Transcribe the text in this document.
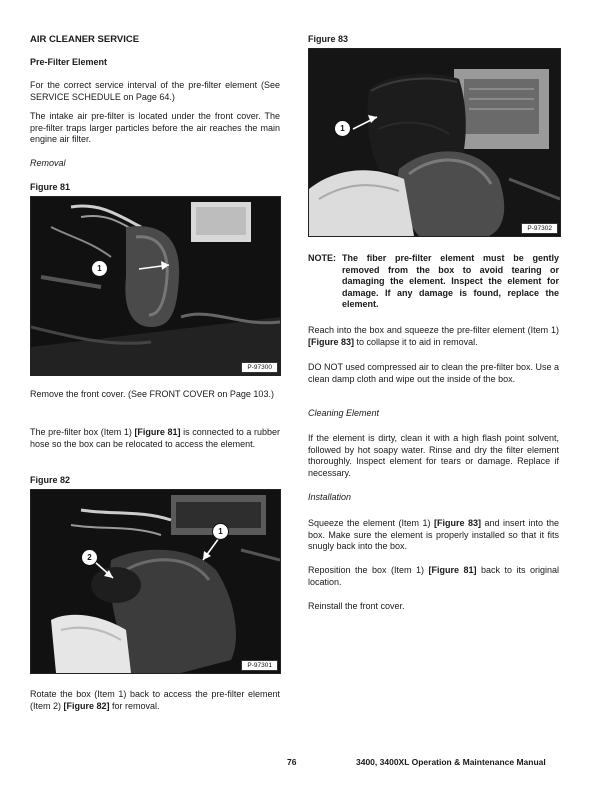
AIR CLEANER SERVICE
Pre-Filter Element

For the correct service interval of the pre-filter element (See SERVICE SCHEDULE on Page 64.)

The intake air pre-filter is located under the front cover. The pre-filter traps larger particles before the air reaches the main engine air filter.

Removal
Figure 81
1
P-97300

Remove the front cover. (See FRONT COVER on Page 103.)

The pre-filter box (Item 1) [Figure 81] is connected to a rubber hose so the box can be relocated to access the element.

Figure 82
1
2
P-97301

Rotate the box (Item 1) back to access the pre-filter element (Item 2) [Figure 82] for removal.

Figure 83
1
P-97302
NOTE: The fiber pre-filter element must be gently removed from the box to avoid tearing or damaging the element. Inspect the element for damage. If any damage is found, replace the element.

Reach into the box and squeeze the pre-filter element (Item 1) [Figure 83] to collapse it to aid in removal.

DO NOT used compressed air to clean the pre-filter box. Use a clean damp cloth and wipe out the inside of the box.

Cleaning Element

If the element is dirty, clean it with a high flash point solvent, followed by hot soapy water. Rinse and dry the filter element thoroughly. Inspect element for tears or damage. Replace if necessary.

Installation

Squeeze the element (Item 1) [Figure 83] and insert into the box. Make sure the element is properly installed so that it fits snugly back into the box.

Reposition the box (Item 1) [Figure 81] back to its original location.

Reinstall the front cover.

76	3400, 3400XL Operation & Maintenance Manual
